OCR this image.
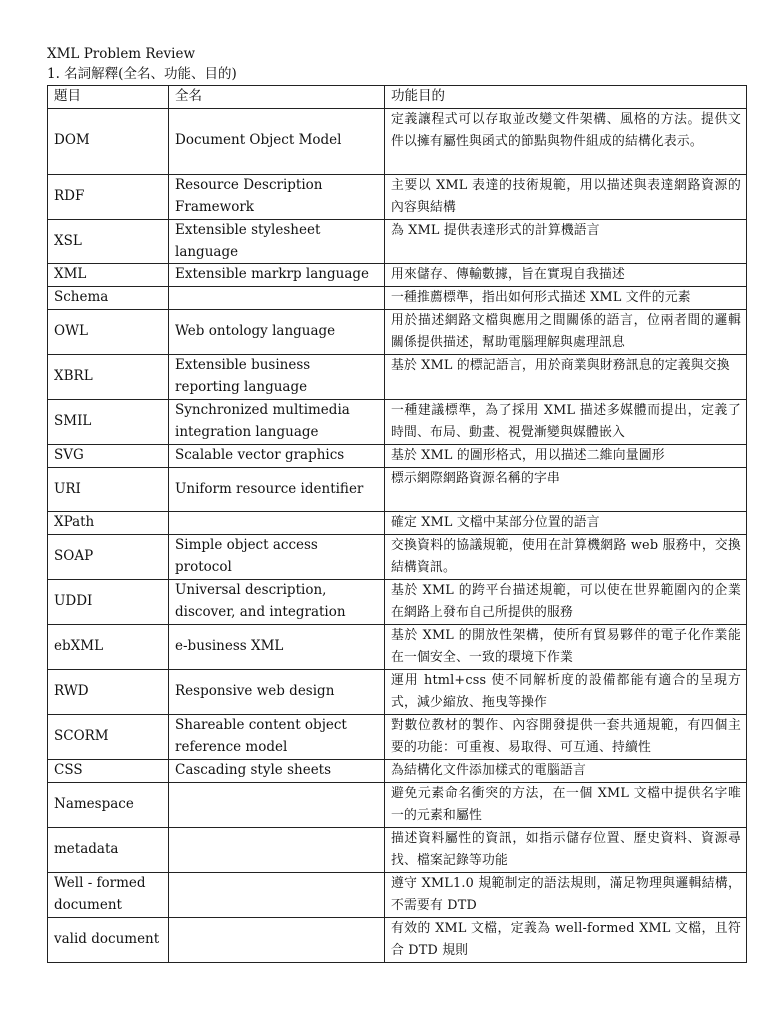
XML Problem Review
1. 名詞解釋(全名、功能、目的)
題目	全名	功能目的
DOM	Document Object Model	定義讓程式可以存取並改變文件架構、風格的方法。提供文件以擁有屬性與函式的節點與物件組成的結構化表示。
RDF	Resource Description Framework	主要以 XML 表達的技術規範，用以描述與表達網路資源的內容與結構
XSL	Extensible stylesheet language	為 XML 提供表達形式的計算機語言
XML	Extensible markrp language	用來儲存、傳輸數據，旨在實現自我描述
Schema		一種推薦標準，指出如何形式描述 XML 文件的元素
OWL	Web ontology language	用於描述網路文檔與應用之間關係的語言，位兩者間的邏輯關係提供描述，幫助電腦理解與處理訊息
XBRL	Extensible business reporting language	基於 XML 的標記語言，用於商業與財務訊息的定義與交換
SMIL	Synchronized multimedia integration language	一種建議標準，為了採用 XML 描述多媒體而提出，定義了時間、布局、動畫、視覺漸變與媒體嵌入
SVG	Scalable vector graphics	基於 XML 的圖形格式，用以描述二維向量圖形
URI	Uniform resource identifier	標示網際網路資源名稱的字串
XPath		確定 XML 文檔中某部分位置的語言
SOAP	Simple object access protocol	交換資料的協議規範，使用在計算機網路 web 服務中，交換結構資訊。
UDDI	Universal description, discover, and integration	基於 XML 的跨平台描述規範，可以使在世界範圍內的企業在網路上發布自己所提供的服務
ebXML	e-business XML	基於 XML 的開放性架構，使所有貿易夥伴的電子化作業能在一個安全、一致的環境下作業
RWD	Responsive web design	運用 html+css 使不同解析度的設備都能有適合的呈現方式，減少縮放、拖曳等操作
SCORM	Shareable content object reference model	對數位教材的製作、內容開發提供一套共通規範，有四個主要的功能：可重複、易取得、可互通、持續性
CSS	Cascading style sheets	為結構化文件添加樣式的電腦語言
Namespace		避免元素命名衝突的方法，在一個 XML 文檔中提供名字唯一的元素和屬性
metadata		描述資料屬性的資訊，如指示儲存位置、歷史資料、資源尋找、檔案記錄等功能
Well - formed document		遵守 XML1.0 規範制定的語法規則，滿足物理與邏輯結構，不需要有 DTD
valid document		有效的 XML 文檔，定義為 well-formed XML 文檔，且符合 DTD 規則
